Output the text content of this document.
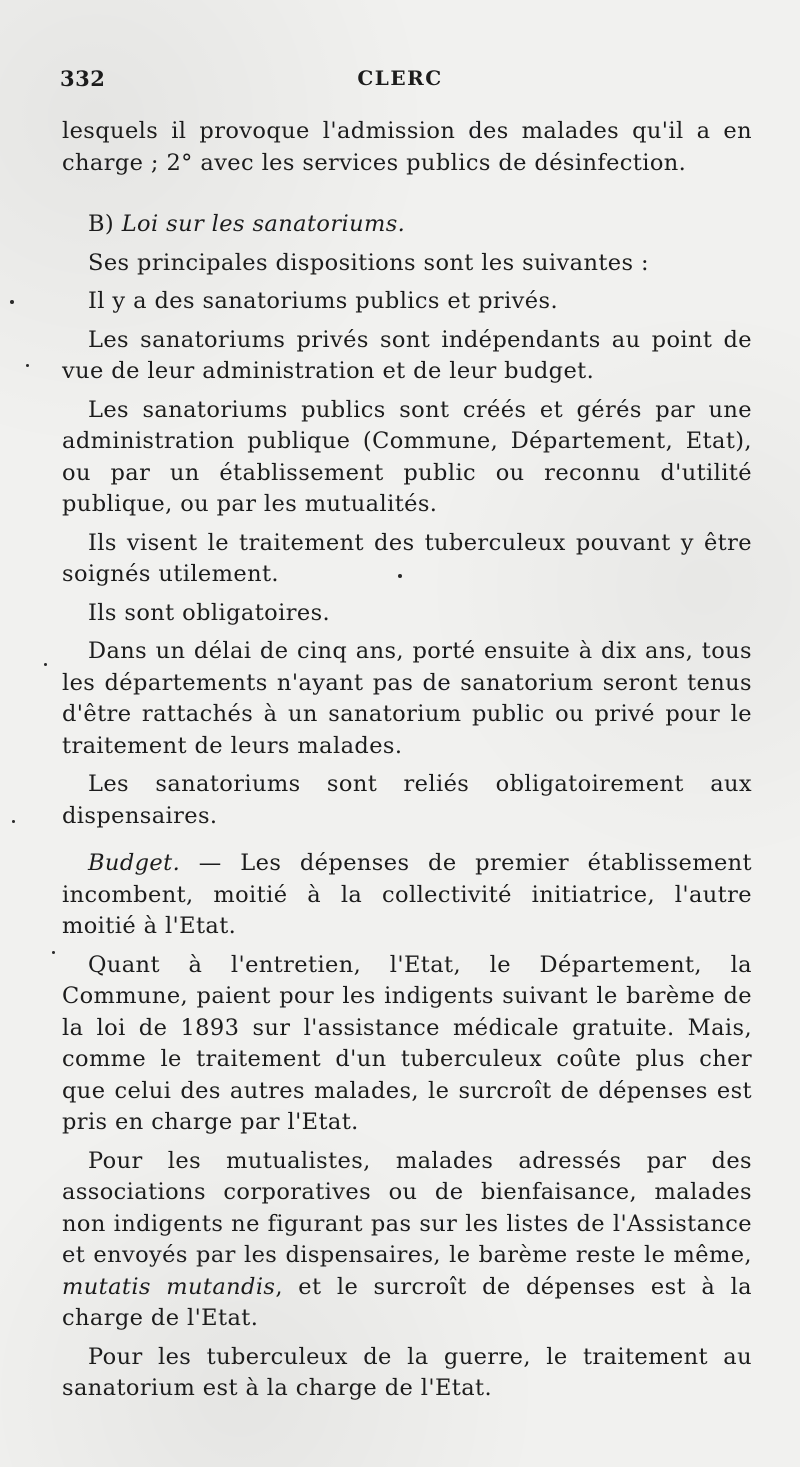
332	CLERC

lesquels il provoque l'admission des malades qu'il a en charge ; 2° avec les services publics de désinfection.

B) Loi sur les sanatoriums.

Ses principales dispositions sont les suivantes :

Il y a des sanatoriums publics et privés.

Les sanatoriums privés sont indépendants au point de vue de leur administration et de leur budget.

Les sanatoriums publics sont créés et gérés par une administration publique (Commune, Département, Etat), ou par un établissement public ou reconnu d'utilité publique, ou par les mutualités.

Ils visent le traitement des tuberculeux pouvant y être soignés utilement.

Ils sont obligatoires.

Dans un délai de cinq ans, porté ensuite à dix ans, tous les départements n'ayant pas de sanatorium seront tenus d'être rattachés à un sanatorium public ou privé pour le traitement de leurs malades.

Les sanatoriums sont reliés obligatoirement aux dispensaires.

Budget. — Les dépenses de premier établissement incombent, moitié à la collectivité initiatrice, l'autre moitié à l'Etat.

Quant à l'entretien, l'Etat, le Département, la Commune, paient pour les indigents suivant le barème de la loi de 1893 sur l'assistance médicale gratuite. Mais, comme le traitement d'un tuberculeux coûte plus cher que celui des autres malades, le surcroît de dépenses est pris en charge par l'Etat.

Pour les mutualistes, malades adressés par des associations corporatives ou de bienfaisance, malades non indigents ne figurant pas sur les listes de l'Assistance et envoyés par les dispensaires, le barème reste le même, mutatis mutandis, et le surcroît de dépenses est à la charge de l'Etat.

Pour les tuberculeux de la guerre, le traitement au sanatorium est à la charge de l'Etat.
